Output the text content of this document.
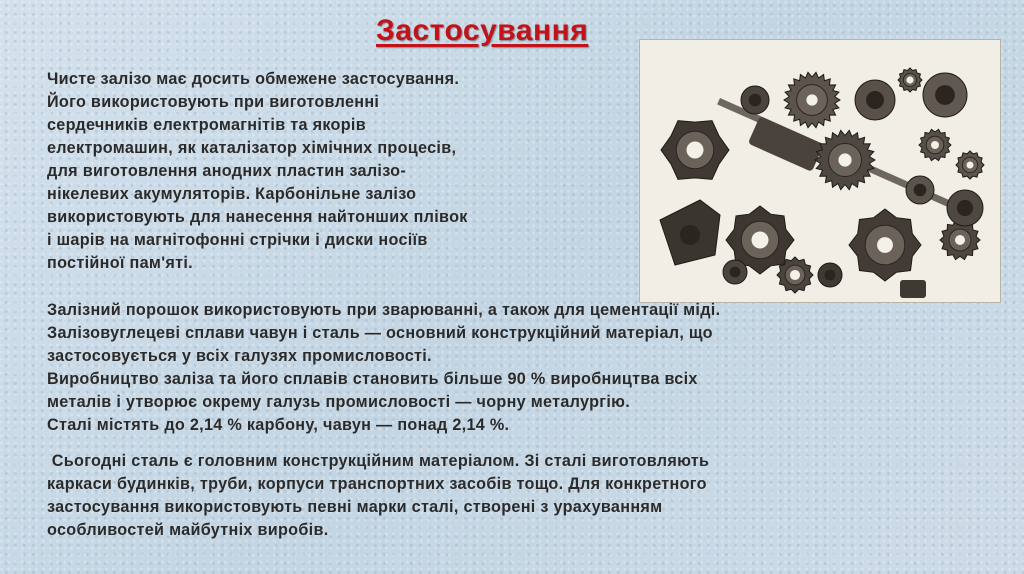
Застосування
Чисте залізо має досить обмежене застосування.
Його використовують при виготовленні
сердечників електромагнітів та якорів
електромашин, як каталізатор хімічних процесів,
для виготовлення анодних пластин залізо-
нікелевих акумуляторів. Карбонільне залізо
використовують для нанесення найтонших плівок
і шарів на магнітофонні стрічки і диски носіїв
постійної пам'яті.
Залізний порошок використовують при зварюванні, а також для цементації міді.
Залізовуглецеві сплави чавун і сталь — основний конструкційний матеріал, що
застосовується у всіх галузях промисловості.
Виробництво заліза та його сплавів становить більше 90 % виробництва всіх
металів і утворює окрему галузь промисловості — чорну металургію.
Сталі містять до 2,14 % карбону, чавун — понад 2,14 %.
Сьогодні сталь є головним конструкційним матеріалом. Зі сталі виготовляють
каркаси будинків, труби, корпуси транспортних засобів тощо. Для конкретного
застосування використовують певні марки сталі, створені з урахуванням
особливостей майбутніх виробів.
